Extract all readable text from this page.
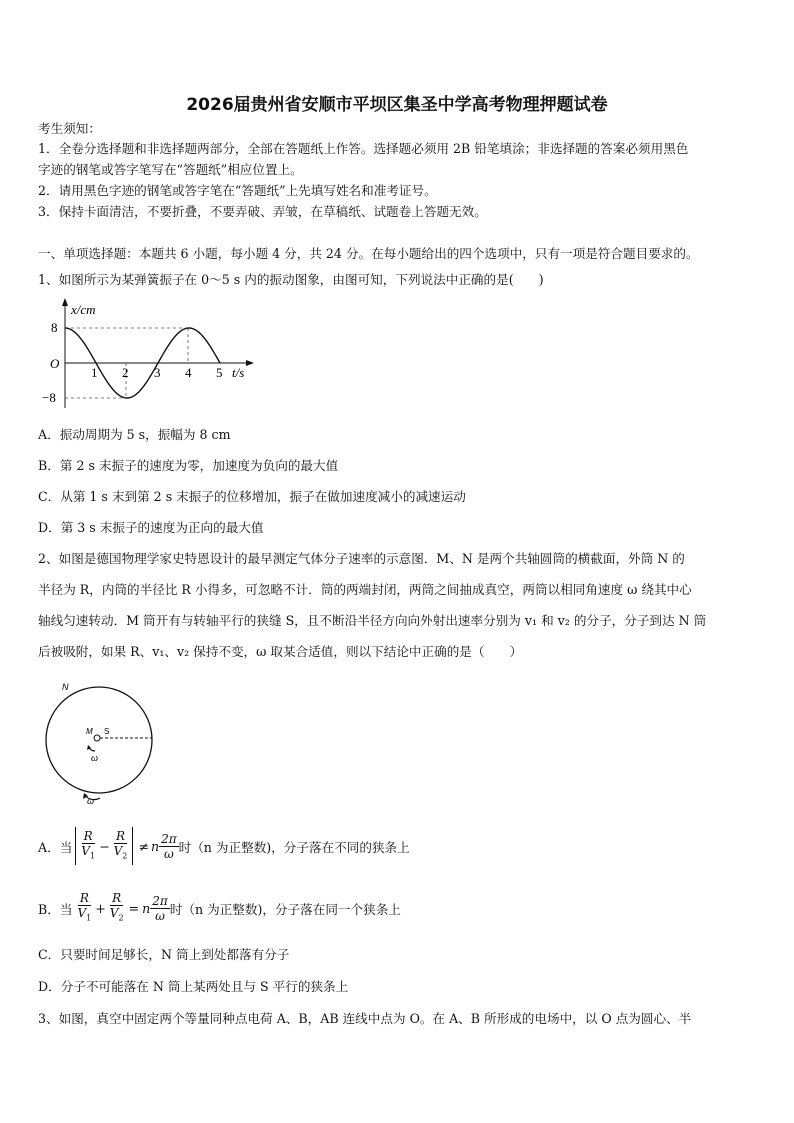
2026届贵州省安顺市平坝区集圣中学高考物理押题试卷
考生须知：
1．全卷分选择题和非选择题两部分，全部在答题纸上作答。选择题必须用 2B 铅笔填涂；非选择题的答案必须用黑色
字迹的钢笔或答字笔写在“答题纸”相应位置上。
2．请用黑色字迹的钢笔或答字笔在“答题纸”上先填写姓名和准考证号。
3．保持卡面清洁，不要折叠，不要弄破、弄皱，在草稿纸、试题卷上答题无效。
一、单项选择题：本题共 6 小题，每小题 4 分，共 24 分。在每小题给出的四个选项中，只有一项是符合题目要求的。
1、如图所示为某弹簧振子在 0～5 s 内的振动图象，由图可知，下列说法中正确的是(　　)
x/cm
8
O
−8
1 2 3 4 5 t/s
A．振动周期为 5 s，振幅为 8 cm
B．第 2 s 末振子的速度为零，加速度为负向的最大值
C．从第 1 s 末到第 2 s 末振子的位移增加，振子在做加速度减小的减速运动
D．第 3 s 末振子的速度为正向的最大值
2、如图是德国物理学家史特恩设计的最早测定气体分子速率的示意图．M、N 是两个共轴圆筒的横截面，外筒 N 的
半径为 R，内筒的半径比 R 小得多，可忽略不计．筒的两端封闭，两筒之间抽成真空，两筒以相同角速度 ω 绕其中心
轴线匀速转动．M 筒开有与转轴平行的狭缝 S，且不断沿半径方向向外射出速率分别为 v₁ 和 v₂ 的分子，分子到达 N 筒
后被吸附，如果 R、v₁、v₂ 保持不变，ω 取某合适值，则以下结论中正确的是（　　）
N
M S
ω
ω
A．当 $\frac{R}{V_1} - \frac{R}{V_2} \ne n \frac{2\pi}{\omega}$ 时（n 为正整数)，分子落在不同的狭条上
B．当 $\frac{R}{V_1} + \frac{R}{V_2} = n \frac{2\pi}{\omega}$ 时（n 为正整数)，分子落在同一个狭条上
C．只要时间足够长，N 筒上到处都落有分子
D．分子不可能落在 N 筒上某两处且与 S 平行的狭条上
3、如图，真空中固定两个等量同种点电荷 A、B，AB 连线中点为 O。在 A、B 所形成的电场中，以 O 点为圆心、半
